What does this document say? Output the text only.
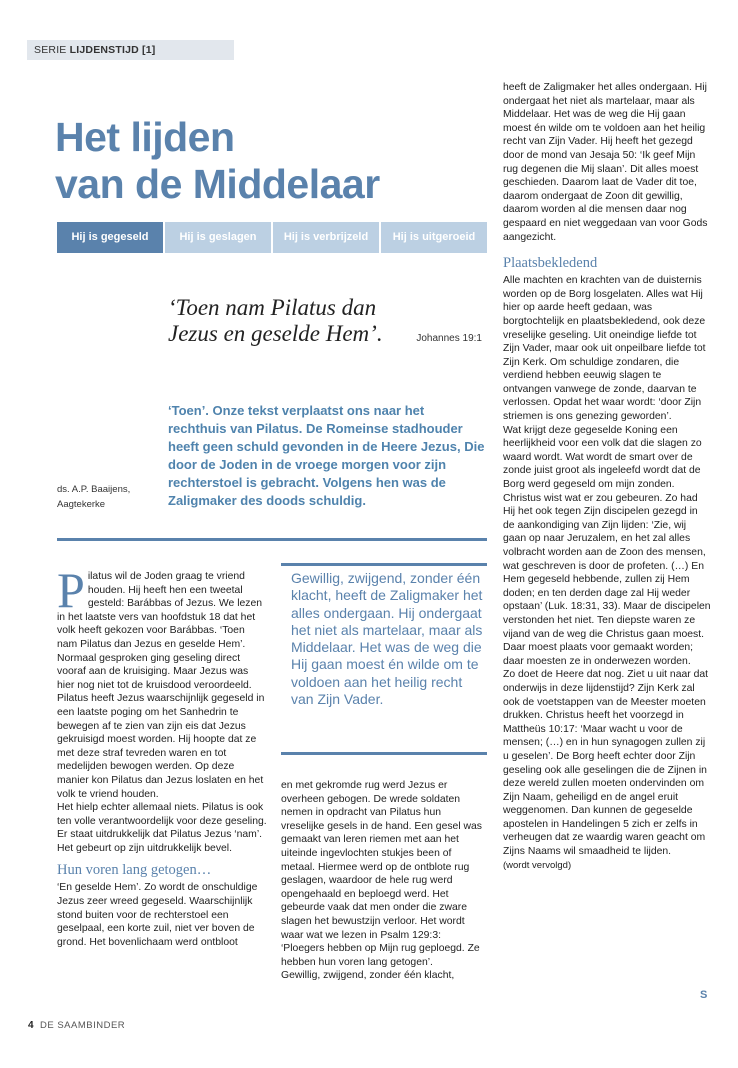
SERIE LIJDENSTIJD [1]
Het lijden
van de Middelaar
Hij is gegeseld	Hij is geslagen	Hij is verbrijzeld	Hij is uitgeroeid
‘Toen nam Pilatus dan Jezus en geselde Hem’.	Johannes 19:1
‘Toen’. Onze tekst verplaatst ons naar het rechthuis van Pilatus. De Romeinse stadhouder heeft geen schuld gevonden in de Heere Jezus, Die door de Joden in de vroege morgen voor zijn rechterstoel is gebracht. Volgens hen was de Zaligmaker des doods schuldig.
ds. A.P. Baaijens,
Aagtekerke

Pilatus wil de Joden graag te vriend houden. Hij heeft hen een tweetal gesteld: Barábbas of Jezus. We lezen in het laatste vers van hoofdstuk 18 dat het volk heeft gekozen voor Barábbas. ‘Toen nam Pilatus dan Jezus en geselde Hem’. Normaal gesproken ging geseling direct vooraf aan de kruisiging. Maar Jezus was hier nog niet tot de kruisdood veroordeeld. Pilatus heeft Jezus waarschijnlijk gegeseld in een laatste poging om het Sanhedrin te bewegen af te zien van zijn eis dat Jezus gekruisigd moest worden. Hij hoopte dat ze met deze straf tevreden waren en tot medelijden bewogen werden. Op deze manier kon Pilatus dan Jezus loslaten en het volk te vriend houden.

Het hielp echter allemaal niets. Pilatus is ook ten volle verantwoordelijk voor deze geseling. Er staat uitdrukkelijk dat Pilatus Jezus ‘nam’. Het gebeurt op zijn uitdrukkelijk bevel.

Hun voren lang getogen…

‘En geselde Hem’. Zo wordt de onschuldige Jezus zeer wreed gegeseld. Waarschijnlijk stond buiten voor de rechterstoel een geselpaal, een korte zuil, niet ver boven de grond. Het bovenlichaam werd ontbloot

Gewillig, zwijgend, zonder één klacht, heeft de Zaligmaker het alles ondergaan. Hij ondergaat het niet als martelaar, maar als Middelaar. Het was de weg die Hij gaan moest én wilde om te voldoen aan het heilig recht van Zijn Vader.

en met gekromde rug werd Jezus er overheen gebogen. De wrede soldaten nemen in opdracht van Pilatus hun vreselijke gesels in de hand. Een gesel was gemaakt van leren riemen met aan het uiteinde ingevlochten stukjes been of metaal. Hiermee werd op de ontblote rug geslagen, waardoor de hele rug werd opengehaald en beploegd werd. Het gebeurde vaak dat men onder die zware slagen het bewustzijn verloor. Het wordt waar wat we lezen in Psalm 129:3: ‘Ploegers hebben op Mijn rug geploegd. Ze hebben hun voren lang getogen’.

Gewillig, zwijgend, zonder één klacht,

heeft de Zaligmaker het alles ondergaan. Hij ondergaat het niet als martelaar, maar als Middelaar. Het was de weg die Hij gaan moest én wilde om te voldoen aan het heilig recht van Zijn Vader. Hij heeft het gezegd door de mond van Jesaja 50: ‘Ik geef Mijn rug degenen die Mij slaan’. Dit alles moest geschieden. Daarom laat de Vader dit toe, daarom ondergaat de Zoon dit gewillig, daarom worden al die mensen daar nog gespaard en niet weggedaan van voor Gods aangezicht.

Plaatsbekledend

Alle machten en krachten van de duisternis worden op de Borg losgelaten. Alles wat Hij hier op aarde heeft gedaan, was borgtochtelijk en plaatsbekledend, ook deze vreselijke geseling. Uit oneindige liefde tot Zijn Vader, maar ook uit onpeilbare liefde tot Zijn Kerk. Om schuldige zondaren, die verdiend hebben eeuwig slagen te ontvangen vanwege de zonde, daarvan te verlossen. Opdat het waar wordt: ‘door Zijn striemen is ons genezing geworden’.

Wat krijgt deze gegeselde Koning een heerlijkheid voor een volk dat die slagen zo waard wordt. Wat wordt de smart over de zonde juist groot als ingeleefd wordt dat de Borg werd gegeseld om mijn zonden.

Christus wist wat er zou gebeuren. Zo had Hij het ook tegen Zijn discipelen gezegd in de aankondiging van Zijn lijden: ‘Zie, wij gaan op naar Jeruzalem, en het zal alles volbracht worden aan de Zoon des mensen, wat geschreven is door de profeten. (…) En Hem gegeseld hebbende, zullen zij Hem doden; en ten derden dage zal Hij weder opstaan’ (Luk. 18:31, 33). Maar de discipelen verstonden het niet. Ten diepste waren ze vijand van de weg die Christus gaan moest. Daar moest plaats voor gemaakt worden; daar moesten ze in onderwezen worden.

Zo doet de Heere dat nog. Ziet u uit naar dat onderwijs in deze lijdenstijd? Zijn Kerk zal ook de voetstappen van de Meester moeten drukken. Christus heeft het voorzegd in Mattheüs 10:17: ‘Maar wacht u voor de mensen; (…) en in hun synagogen zullen zij u geselen’. De Borg heeft echter door Zijn geseling ook alle geselingen die de Zijnen in deze wereld zullen moeten ondervinden om Zijn Naam, geheiligd en de angel eruit weggenomen. Dan kunnen de gegeselde apostelen in Handelingen 5 zich er zelfs in verheugen dat ze waardig waren geacht om Zijns Naams wil smaadheid te lijden.

(wordt vervolgd)

S
4 DE SAAMBINDER
